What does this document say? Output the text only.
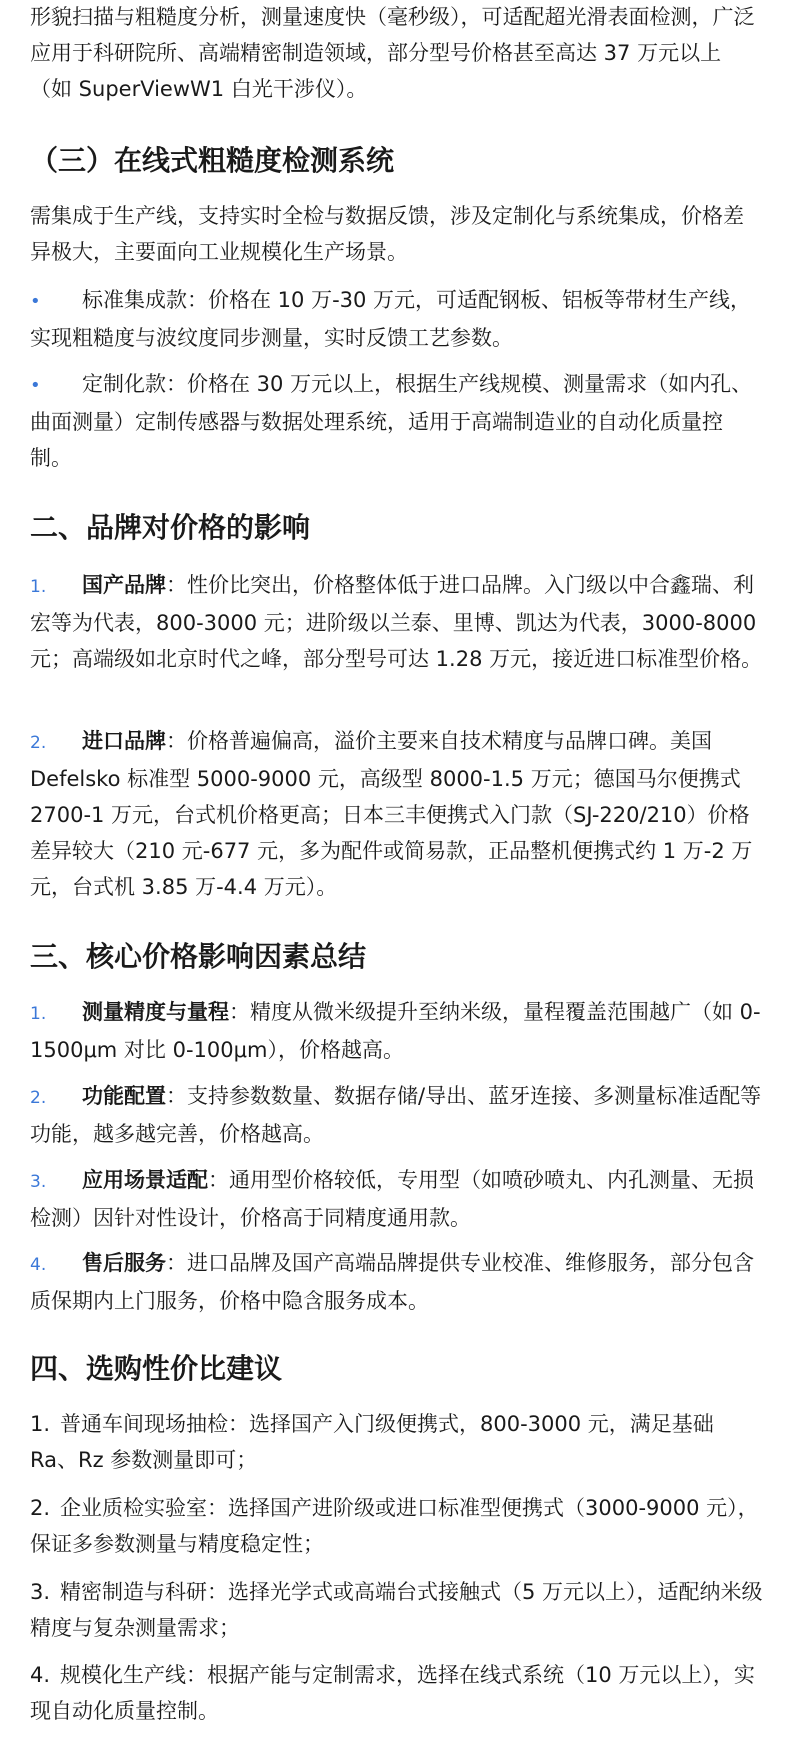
形貌扫描与粗糙度分析，测量速度快（毫秒级），可适配超光滑表面检测，广泛应用于科研院所、高端精密制造领域，部分型号价格甚至高达 37 万元以上（如 SuperViewW1 白光干涉仪）。

（三）在线式粗糙度检测系统

需集成于生产线，支持实时全检与数据反馈，涉及定制化与系统集成，价格差异极大，主要面向工业规模化生产场景。

• 标准集成款：价格在 10 万-30 万元，可适配钢板、铝板等带材生产线，实现粗糙度与波纹度同步测量，实时反馈工艺参数。

• 定制化款：价格在 30 万元以上，根据生产线规模、测量需求（如内孔、曲面测量）定制传感器与数据处理系统，适用于高端制造业的自动化质量控制。

二、品牌对价格的影响

1. 国产品牌：性价比突出，价格整体低于进口品牌。入门级以中合鑫瑞、利宏等为代表，800-3000 元；进阶级以兰泰、里博、凯达为代表，3000-8000 元；高端级如北京时代之峰，部分型号可达 1.28 万元，接近进口标准型价格。

2. 进口品牌：价格普遍偏高，溢价主要来自技术精度与品牌口碑。美国 Defelsko 标准型 5000-9000 元，高级型 8000-1.5 万元；德国马尔便携式 2700-1 万元，台式机价格更高；日本三丰便携式入门款（SJ-220/210）价格差异较大（210 元-677 元，多为配件或简易款，正品整机便携式约 1 万-2 万元，台式机 3.85 万-4.4 万元）。

三、核心价格影响因素总结

1. 测量精度与量程：精度从微米级提升至纳米级，量程覆盖范围越广（如 0-1500μm 对比 0-100μm），价格越高。

2. 功能配置：支持参数数量、数据存储/导出、蓝牙连接、多测量标准适配等功能，越多越完善，价格越高。

3. 应用场景适配：通用型价格较低，专用型（如喷砂喷丸、内孔测量、无损检测）因针对性设计，价格高于同精度通用款。

4. 售后服务：进口品牌及国产高端品牌提供专业校准、维修服务，部分包含质保期内上门服务，价格中隐含服务成本。

四、选购性价比建议

1. 普通车间现场抽检：选择国产入门级便携式，800-3000 元，满足基础 Ra、Rz 参数测量即可；

2. 企业质检实验室：选择国产进阶级或进口标准型便携式（3000-9000 元），保证多参数测量与精度稳定性；

3. 精密制造与科研：选择光学式或高端台式接触式（5 万元以上），适配纳米级精度与复杂测量需求；

4. 规模化生产线：根据产能与定制需求，选择在线式系统（10 万元以上），实现自动化质量控制。
